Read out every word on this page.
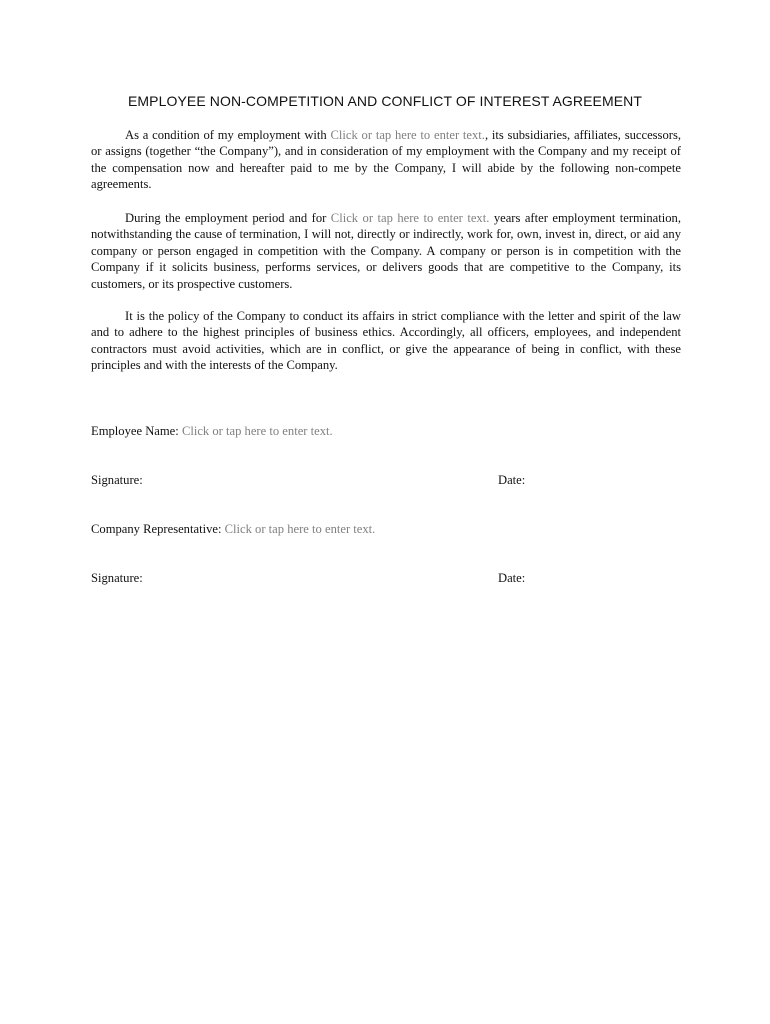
EMPLOYEE NON-COMPETITION AND CONFLICT OF INTEREST AGREEMENT

As a condition of my employment with Click or tap here to enter text., its subsidiaries, affiliates, successors, or assigns (together “the Company”), and in consideration of my employment with the Company and my receipt of the compensation now and hereafter paid to me by the Company, I will abide by the following non-compete agreements.

During the employment period and for Click or tap here to enter text. years after employment termination, notwithstanding the cause of termination, I will not, directly or indirectly, work for, own, invest in, direct, or aid any company or person engaged in competition with the Company. A company or person is in competition with the Company if it solicits business, performs services, or delivers goods that are competitive to the Company, its customers, or its prospective customers.

It is the policy of the Company to conduct its affairs in strict compliance with the letter and spirit of the law and to adhere to the highest principles of business ethics. Accordingly, all officers, employees, and independent contractors must avoid activities, which are in conflict, or give the appearance of being in conflict, with these principles and with the interests of the Company.

Employee Name: Click or tap here to enter text.
Signature:	Date:
Company Representative: Click or tap here to enter text.
Signature:	Date:
